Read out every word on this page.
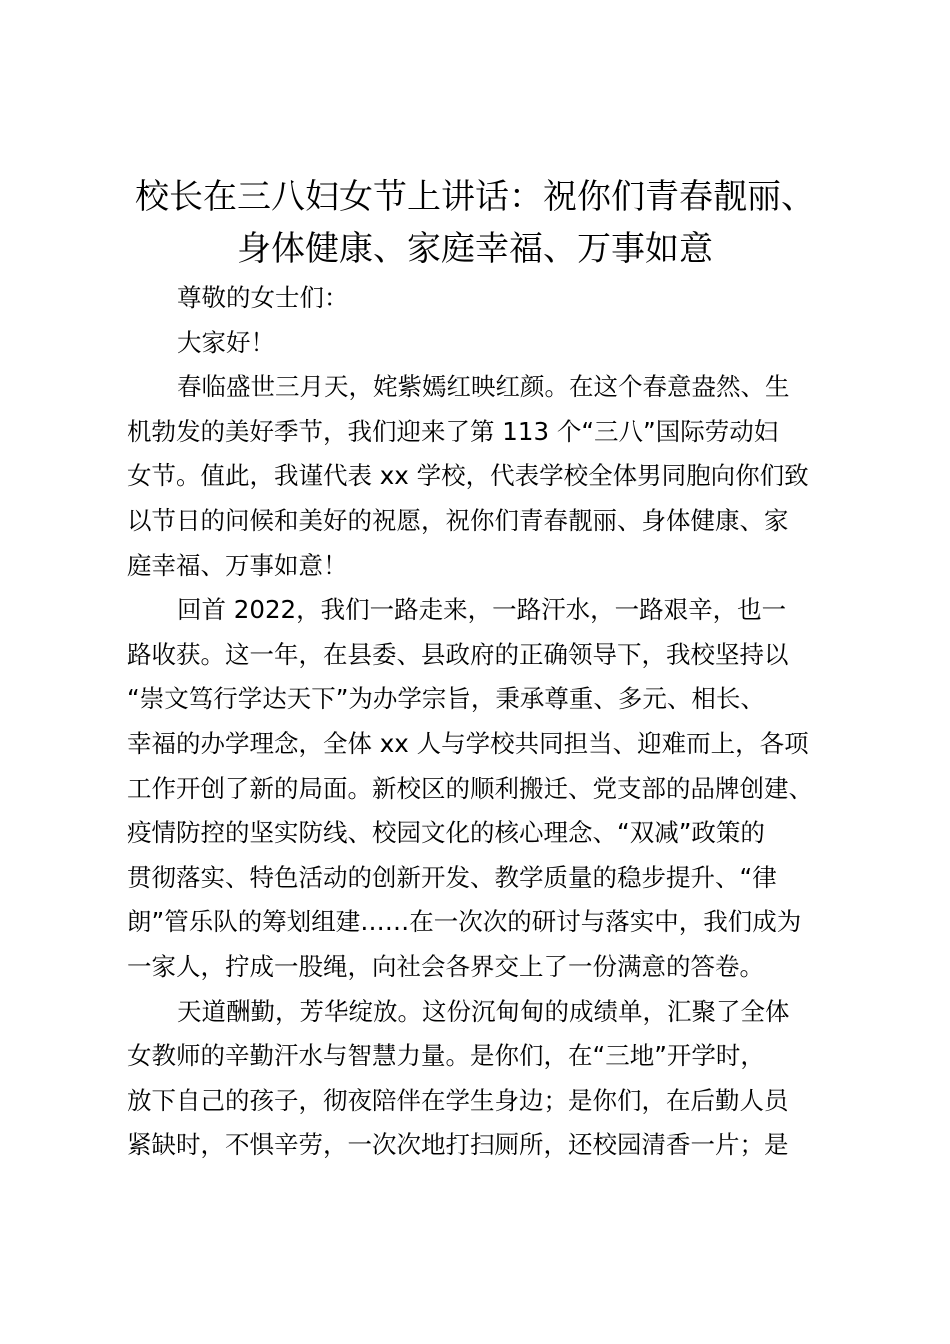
校长在三八妇女节上讲话：祝你们青春靓丽、
身体健康、家庭幸福、万事如意
尊敬的女士们：
大家好！
春临盛世三月天，姹紫嫣红映红颜。在这个春意盎然、生
机勃发的美好季节，我们迎来了第 113 个“三八”国际劳动妇
女节。值此，我谨代表 xx 学校，代表学校全体男同胞向你们致
以节日的问候和美好的祝愿，祝你们青春靓丽、身体健康、家
庭幸福、万事如意！
回首 2022，我们一路走来，一路汗水，一路艰辛，也一
路收获。这一年，在县委、县政府的正确领导下，我校坚持以
“崇文笃行学达天下”为办学宗旨，秉承尊重、多元、相长、
幸福的办学理念，全体 xx 人与学校共同担当、迎难而上，各项
工作开创了新的局面。新校区的顺利搬迁、党支部的品牌创建、
疫情防控的坚实防线、校园文化的核心理念、“双减”政策的
贯彻落实、特色活动的创新开发、教学质量的稳步提升、“律
朗”管乐队的筹划组建……在一次次的研讨与落实中，我们成为
一家人，拧成一股绳，向社会各界交上了一份满意的答卷。
天道酬勤，芳华绽放。这份沉甸甸的成绩单，汇聚了全体
女教师的辛勤汗水与智慧力量。是你们，在“三地”开学时，
放下自己的孩子，彻夜陪伴在学生身边；是你们，在后勤人员
紧缺时，不惧辛劳，一次次地打扫厕所，还校园清香一片；是
